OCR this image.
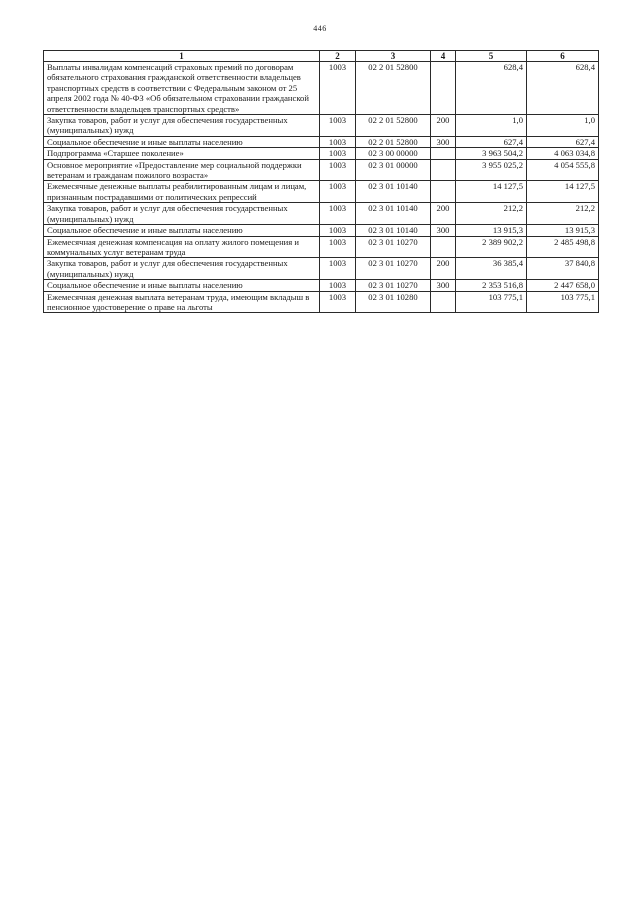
446
1	2	3	4	5	6
Выплаты инвалидам компенсаций страховых премий по договорам обязательного страхования гражданской ответственности владельцев транспортных средств в соответствии с Федеральным законом от 25 апреля 2002 года № 40-ФЗ «Об обязательном страховании гражданской ответственности владельцев транспортных средств»	1003	02 2 01 52800		628,4	628,4
Закупка товаров, работ и услуг для обеспечения государственных (муниципальных) нужд	1003	02 2 01 52800	200	1,0	1,0
Социальное обеспечение и иные выплаты населению	1003	02 2 01 52800	300	627,4	627,4
Подпрограмма «Старшее поколение»	1003	02 3 00 00000		3 963 504,2	4 063 034,8
Основное мероприятие «Предоставление мер социальной поддержки ветеранам и гражданам пожилого возраста»	1003	02 3 01 00000		3 955 025,2	4 054 555,8
Ежемесячные денежные выплаты реабилитированным лицам и лицам, признанным пострадавшими от политических репрессий	1003	02 3 01 10140		14 127,5	14 127,5
Закупка товаров, работ и услуг для обеспечения государственных (муниципальных) нужд	1003	02 3 01 10140	200	212,2	212,2
Социальное обеспечение и иные выплаты населению	1003	02 3 01 10140	300	13 915,3	13 915,3
Ежемесячная денежная компенсация на оплату жилого помещения и коммунальных услуг ветеранам труда	1003	02 3 01 10270		2 389 902,2	2 485 498,8
Закупка товаров, работ и услуг для обеспечения государственных (муниципальных) нужд	1003	02 3 01 10270	200	36 385,4	37 840,8
Социальное обеспечение и иные выплаты населению	1003	02 3 01 10270	300	2 353 516,8	2 447 658,0
Ежемесячная денежная выплата ветеранам труда, имеющим вкладыш в пенсионное удостоверение о праве на льготы	1003	02 3 01 10280		103 775,1	103 775,1
